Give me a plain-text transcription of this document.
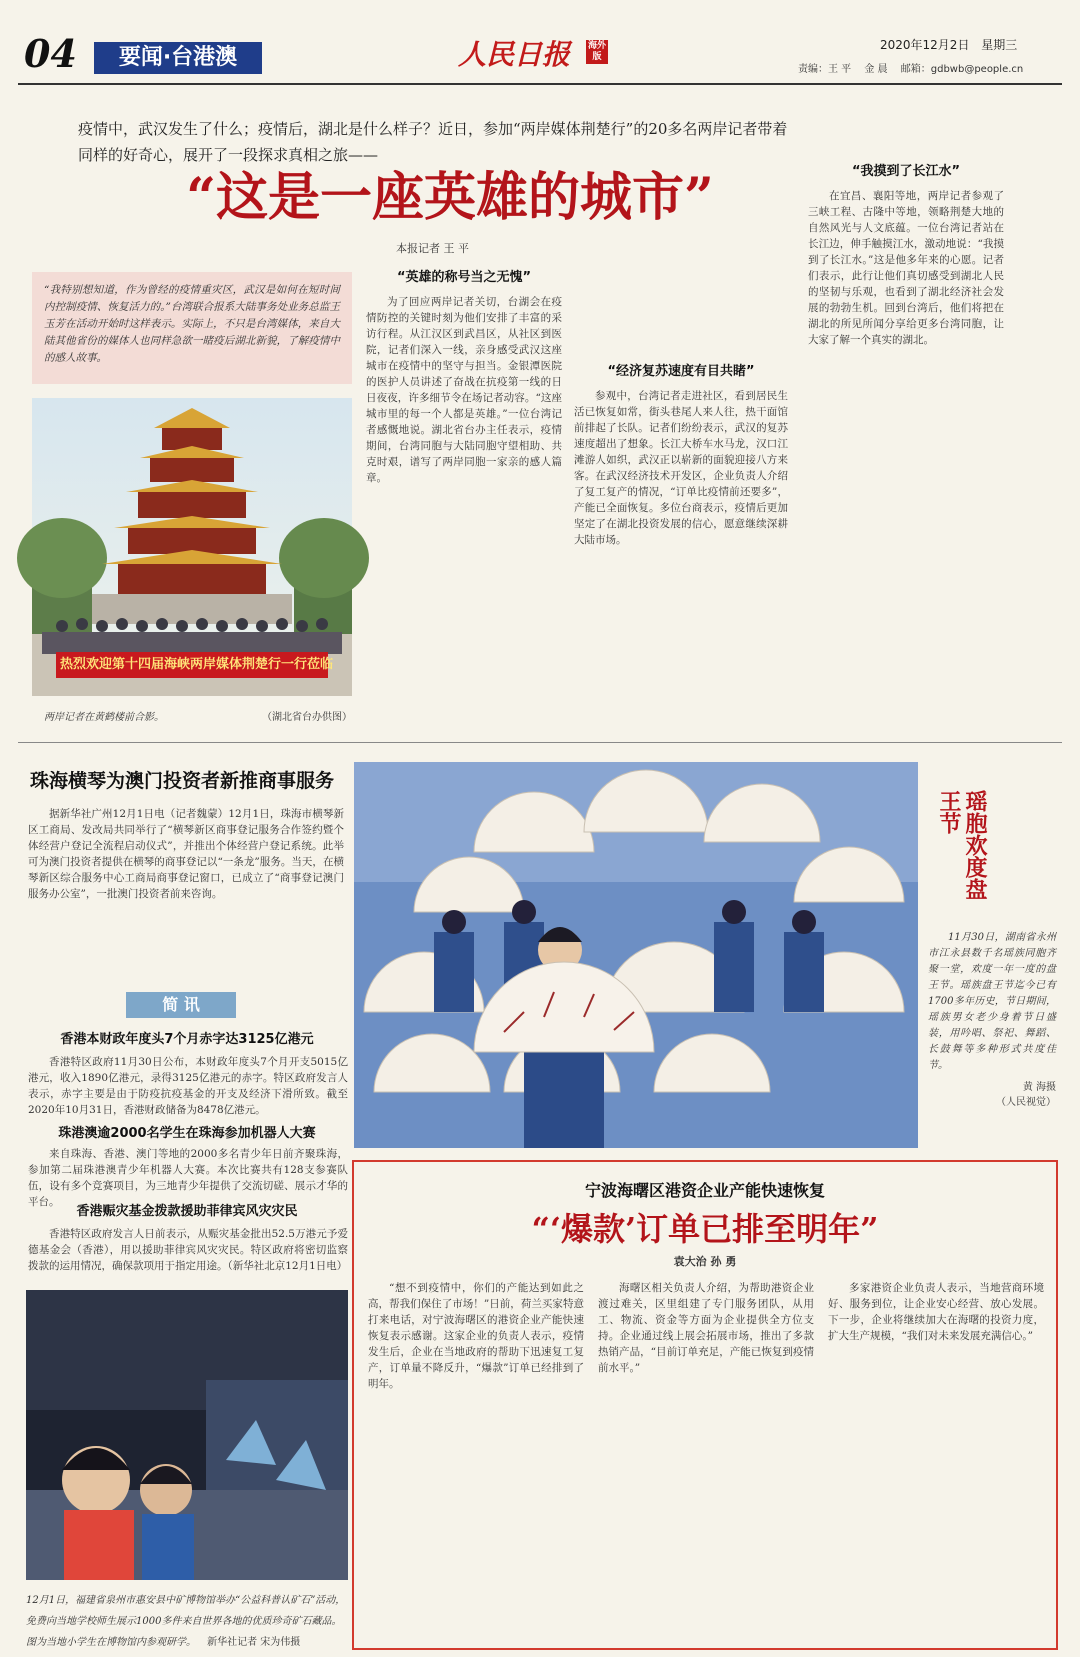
04	要闻·台港澳	人民日报 海外版
2020年12月2日 星期三
责编：王 平 金 晨 邮箱：gdbwb@people.cn
疫情中，武汉发生了什么；疫情后，湖北是什么样子？近日，参加“两岸媒体荆楚行”的20多名两岸记者带着同样的好奇心，展开了一段探求真相之旅——
“这是一座英雄的城市”
本报记者 王 平
“我特别想知道，作为曾经的疫情重灾区，武汉是如何在短时间内控制疫情、恢复活力的。”台湾联合报系大陆事务处业务总监王玉芳在活动开始时这样表示。实际上，不只是台湾媒体，来自大陆其他省份的媒体人也同样急欲一睹疫后湖北新貌，了解疫情中的感人故事。
热烈欢迎第十四届海峡两岸媒体荆楚行一行莅临
两岸记者在黄鹤楼前合影。	（湖北省台办供图）
“英雄的称号当之无愧”

为了回应两岸记者关切，台湖会在疫情防控的关键时刻为他们安排了丰富的采访行程。从江汉区到武昌区，从社区到医院，记者们深入一线，亲身感受武汉这座城市在疫情中的坚守与担当。金银潭医院的医护人员讲述了奋战在抗疫第一线的日日夜夜，许多细节令在场记者动容。“这座城市里的每一个人都是英雄。”一位台湾记者感慨地说。湖北省台办主任表示，疫情期间，台湾同胞与大陆同胞守望相助、共克时艰，谱写了两岸同胞一家亲的感人篇章。

“经济复苏速度有目共睹”

参观中，台湾记者走进社区，看到居民生活已恢复如常，街头巷尾人来人往，热干面馆前排起了长队。记者们纷纷表示，武汉的复苏速度超出了想象。长江大桥车水马龙，汉口江滩游人如织，武汉正以崭新的面貌迎接八方来客。在武汉经济技术开发区，企业负责人介绍了复工复产的情况，“订单比疫情前还要多”，产能已全面恢复。多位台商表示，疫情后更加坚定了在湖北投资发展的信心，愿意继续深耕大陆市场。

“我摸到了长江水”

在宜昌、襄阳等地，两岸记者参观了三峡工程、古隆中等地，领略荆楚大地的自然风光与人文底蕴。一位台湾记者站在长江边，伸手触摸江水，激动地说：“我摸到了长江水。”这是他多年来的心愿。记者们表示，此行让他们真切感受到湖北人民的坚韧与乐观，也看到了湖北经济社会发展的勃勃生机。回到台湾后，他们将把在湖北的所见所闻分享给更多台湾同胞，让大家了解一个真实的湖北。

珠海横琴为澳门投资者新推商事服务

据新华社广州12月1日电（记者魏蒙）12月1日，珠海市横琴新区工商局、发改局共同举行了“横琴新区商事登记服务合作签约暨个体经营户登记全流程启动仪式”，并推出个体经营户登记系统。此举可为澳门投资者提供在横琴的商事登记以“一条龙”服务。当天，在横琴新区综合服务中心工商局商事登记窗口，已成立了“商事登记澳门服务办公室”，一批澳门投资者前来咨询。

简 讯
香港本财政年度头7个月赤字达3125亿港元

香港特区政府11月30日公布，本财政年度头7个月开支5015亿港元，收入1890亿港元，录得3125亿港元的赤字。特区政府发言人表示，赤字主要是由于防疫抗疫基金的开支及经济下滑所致。截至2020年10月31日，香港财政储备为8478亿港元。

珠港澳逾2000名学生在珠海参加机器人大赛

来自珠海、香港、澳门等地的2000多名青少年日前齐聚珠海，参加第二届珠港澳青少年机器人大赛。本次比赛共有128支参赛队伍，设有多个竞赛项目，为三地青少年提供了交流切磋、展示才华的平台。

香港赈灾基金拨款援助菲律宾风灾灾民

香港特区政府发言人日前表示，从赈灾基金批出52.5万港元予爱德基金会（香港），用以援助菲律宾风灾灾民。特区政府将密切监察拨款的运用情况，确保款项用于指定用途。（新华社北京12月1日电）

瑶胞欢度盘王节
11月30日，湖南省永州市江永县数千名瑶族同胞齐聚一堂，欢度一年一度的盘王节。瑶族盘王节迄今已有1700多年历史，节日期间，瑶族男女老少身着节日盛装，用吟唱、祭祀、舞蹈、长鼓舞等多种形式共度佳节。
黄 海摄
（人民视觉）
12月1日，福建省泉州市惠安县中矿博物馆举办“公益科普认矿石”活动，免费向当地学校师生展示1000多件来自世界各地的优质珍奇矿石藏品。图为当地小学生在博物馆内参观研学。 新华社记者 宋为伟摄
宁波海曙区港资企业产能快速恢复
“‘爆款’订单已排至明年”
袁大治 孙 勇

“想不到疫情中，你们的产能达到如此之高，帮我们保住了市场！”日前，荷兰买家特意打来电话，对宁波海曙区的港资企业产能快速恢复表示感谢。这家企业的负责人表示，疫情发生后，企业在当地政府的帮助下迅速复工复产，订单量不降反升，“爆款”订单已经排到了明年。

海曙区相关负责人介绍，为帮助港资企业渡过难关，区里组建了专门服务团队，从用工、物流、资金等方面为企业提供全方位支持。企业通过线上展会拓展市场，推出了多款热销产品，“目前订单充足，产能已恢复到疫情前水平。”

多家港资企业负责人表示，当地营商环境好、服务到位，让企业安心经营、放心发展。下一步，企业将继续加大在海曙的投资力度，扩大生产规模，“我们对未来发展充满信心。”
